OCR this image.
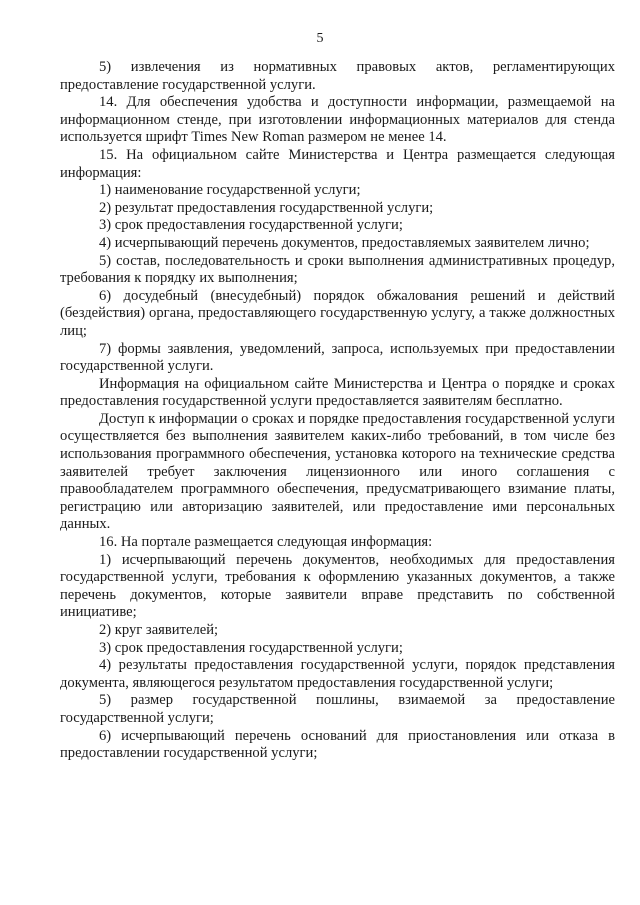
5

5) извлечения из нормативных правовых актов, регламентирующих предоставление государственной услуги.

14. Для обеспечения удобства и доступности информации, размещаемой на информационном стенде, при изготовлении информационных материалов для стенда используется шрифт Times New Roman размером не менее 14.

15. На официальном сайте Министерства и Центра размещается следующая информация:

1) наименование государственной услуги;

2) результат предоставления государственной услуги;

3) срок предоставления государственной услуги;

4) исчерпывающий перечень документов, предоставляемых заявителем лично;

5) состав, последовательность и сроки выполнения административных процедур, требования к порядку их выполнения;

6) досудебный (внесудебный) порядок обжалования решений и действий (бездействия) органа, предоставляющего государственную услугу, а также должностных лиц;

7) формы заявления, уведомлений, запроса, используемых при предоставлении государственной услуги.

Информация на официальном сайте Министерства и Центра о порядке и сроках предоставления государственной услуги предоставляется заявителям бесплатно.

Доступ к информации о сроках и порядке предоставления государственной услуги осуществляется без выполнения заявителем каких-либо требований, в том числе без использования программного обеспечения, установка которого на технические средства заявителей требует заключения лицензионного или иного соглашения с правообладателем программного обеспечения, предусматривающего взимание платы, регистрацию или авторизацию заявителей, или предоставление ими персональных данных.

16. На портале размещается следующая информация:

1) исчерпывающий перечень документов, необходимых для предоставления государственной услуги, требования к оформлению указанных документов, а также перечень документов, которые заявители вправе представить по собственной инициативе;

2) круг заявителей;

3) срок предоставления государственной услуги;

4) результаты предоставления государственной услуги, порядок представления документа, являющегося результатом предоставления государственной услуги;

5) размер государственной пошлины, взимаемой за предоставление государственной услуги;

6) исчерпывающий перечень оснований для приостановления или отказа в предоставлении государственной услуги;
